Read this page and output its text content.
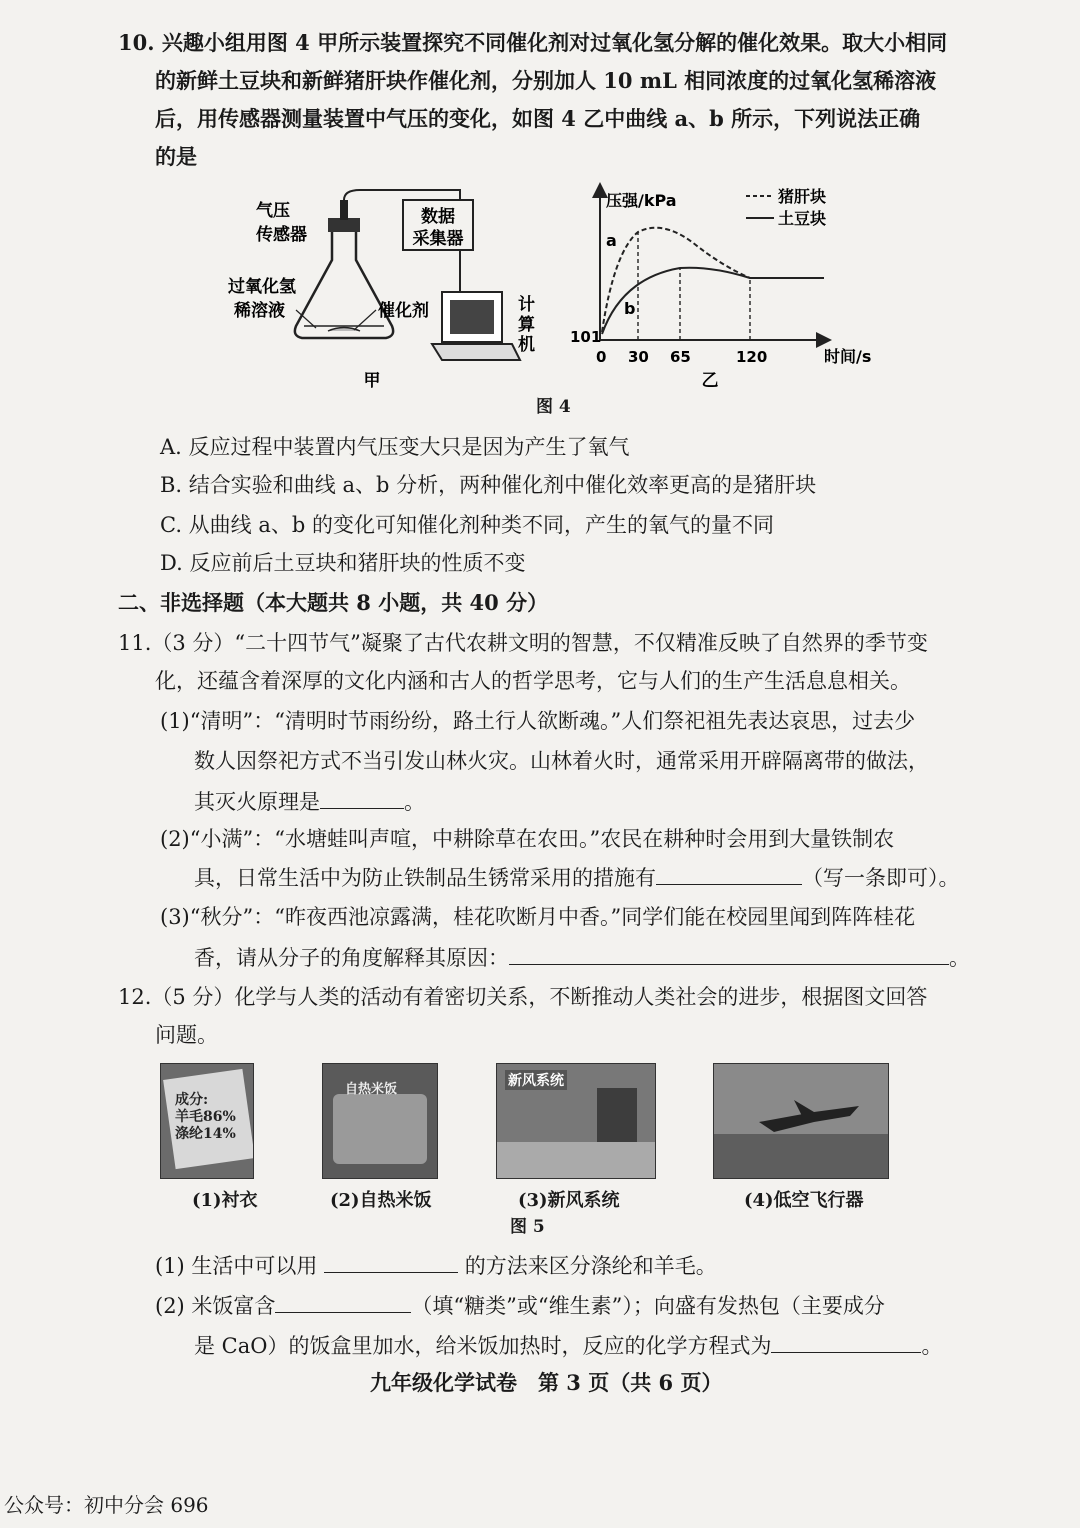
10. 兴趣小组用图 4 甲所示装置探究不同催化剂对过氧化氢分解的催化效果。取大小相同
的新鲜土豆块和新鲜猪肝块作催化剂，分别加人 10 mL 相同浓度的过氧化氢稀溶液
后，用传感器测量装置中气压的变化，如图 4 乙中曲线 a、b 所示，下列说法正确
的是
数据
采集器
气压
传感器
过氧化氢
稀溶液	催化剂	计
算
机
甲
压强/kPa
时间/s
a
b
101
0 30 65	120
猪肝块
土豆块
乙
图 4
A. 反应过程中装置内气压变大只是因为产生了氧气
B. 结合实验和曲线 a、b 分析，两种催化剂中催化效率更高的是猪肝块
C. 从曲线 a、b 的变化可知催化剂种类不同，产生的氧气的量不同
D. 反应前后土豆块和猪肝块的性质不变
二、非选择题（本大题共 8 小题，共 40 分）
11.（3 分）“二十四节气”凝聚了古代农耕文明的智慧，不仅精准反映了自然界的季节变
化，还蕴含着深厚的文化内涵和古人的哲学思考，它与人们的生产生活息息相关。
(1)“清明”：“清明时节雨纷纷，路土行人欲断魂。”人们祭祀祖先表达哀思，过去少
数人因祭祀方式不当引发山林火灾。山林着火时，通常采用开辟隔离带的做法，
其灭火原理是	。
(2)“小满”：“水塘蛙叫声喧，中耕除草在农田。”农民在耕种时会用到大量铁制农
具，日常生活中为防止铁制品生锈常采用的措施有	（写一条即可）。
(3)“秋分”：“昨夜西池凉露满，桂花吹断月中香。”同学们能在校园里闻到阵阵桂花
香，请从分子的角度解释其原因：	。
12.（5 分）化学与人类的活动有着密切关系，不断推动人类社会的进步，根据图文回答
问题。
成分:
羊毛86%
涤纶14%
自热米饭
新风系统
(1)衬衣	(2)自热米饭	(3)新风系统	(4)低空飞行器
图 5
(1) 生活中可以用	的方法来区分涤纶和羊毛。
(2) 米饭富含	（填“糖类”或“维生素”）；向盛有发热包（主要成分
是 CaO）的饭盒里加水，给米饭加热时，反应的化学方程式为	。
九年级化学试卷　第 3 页（共 6 页）
公众号：初中分会 696
